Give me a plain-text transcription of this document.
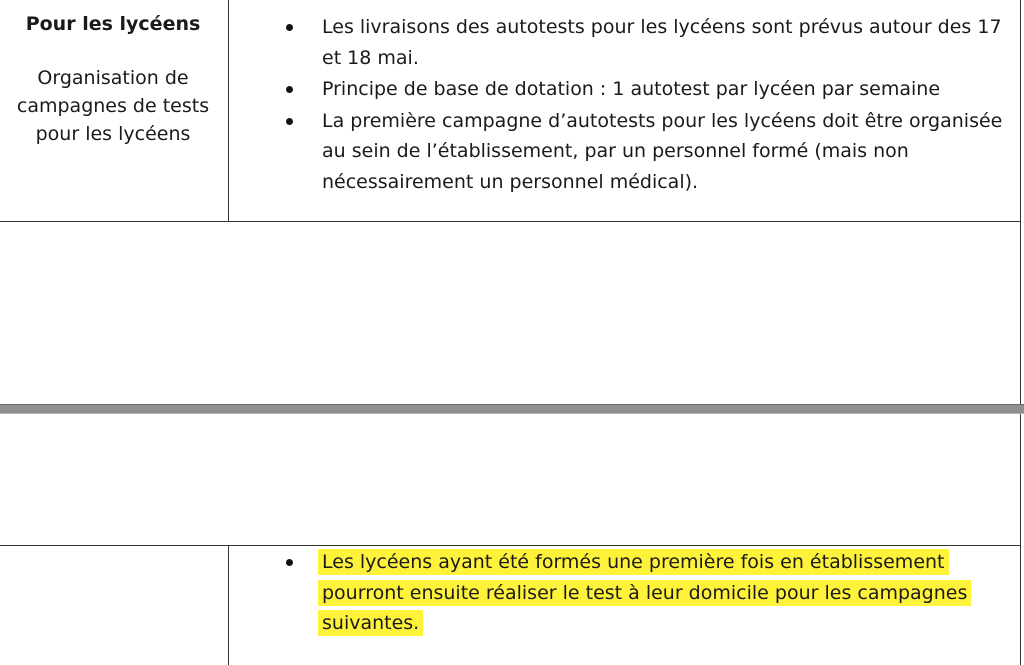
Pour les lycéens
Organisation de campagnes de tests pour les lycéens
Les livraisons des autotests pour les lycéens sont prévus autour des 17 et 18 mai.
Principe de base de dotation : 1 autotest par lycéen par semaine
La première campagne d’autotests pour les lycéens doit être organisée au sein de l’établissement, par un personnel formé (mais non nécessairement un personnel médical).
Les lycéens ayant été formés une première fois en établissement pourront ensuite réaliser le test à leur domicile pour les campagnes suivantes.
